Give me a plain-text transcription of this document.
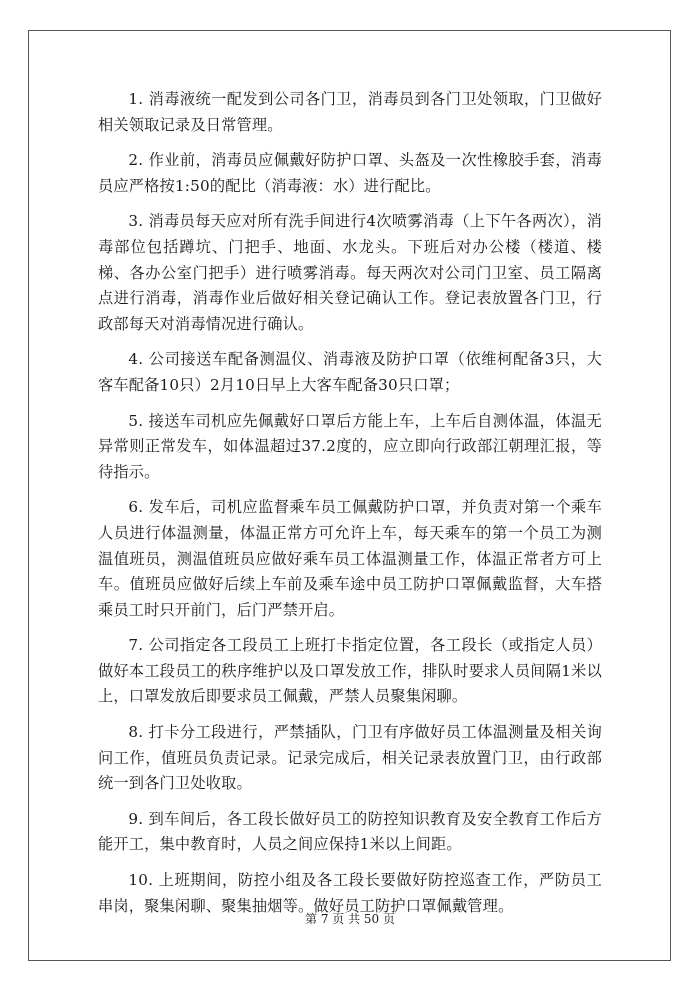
1. 消毒液统一配发到公司各门卫，消毒员到各门卫处领取，门卫做好相关领取记录及日常管理。

2. 作业前，消毒员应佩戴好防护口罩、头盔及一次性橡胶手套，消毒员应严格按1:50的配比（消毒液：水）进行配比。

3. 消毒员每天应对所有洗手间进行4次喷雾消毒（上下午各两次），消毒部位包括蹲坑、门把手、地面、水龙头。下班后对办公楼（楼道、楼梯、各办公室门把手）进行喷雾消毒。每天两次对公司门卫室、员工隔离点进行消毒，消毒作业后做好相关登记确认工作。登记表放置各门卫，行政部每天对消毒情况进行确认。

4. 公司接送车配备测温仪、消毒液及防护口罩（依维柯配备3只，大客车配备10只）2月10日早上大客车配备30只口罩；

5. 接送车司机应先佩戴好口罩后方能上车，上车后自测体温，体温无异常则正常发车，如体温超过37.2度的，应立即向行政部江朝理汇报，等待指示。

6. 发车后，司机应监督乘车员工佩戴防护口罩，并负责对第一个乘车人员进行体温测量，体温正常方可允许上车，每天乘车的第一个员工为测温值班员，测温值班员应做好乘车员工体温测量工作，体温正常者方可上车。值班员应做好后续上车前及乘车途中员工防护口罩佩戴监督，大车搭乘员工时只开前门，后门严禁开启。

7. 公司指定各工段员工上班打卡指定位置，各工段长（或指定人员）做好本工段员工的秩序维护以及口罩发放工作，排队时要求人员间隔1米以上，口罩发放后即要求员工佩戴，严禁人员聚集闲聊。

8. 打卡分工段进行，严禁插队，门卫有序做好员工体温测量及相关询问工作，值班员负责记录。记录完成后，相关记录表放置门卫，由行政部统一到各门卫处收取。

9. 到车间后，各工段长做好员工的防控知识教育及安全教育工作后方能开工，集中教育时，人员之间应保持1米以上间距。

10. 上班期间，防控小组及各工段长要做好防控巡查工作，严防员工串岗，聚集闲聊、聚集抽烟等。做好员工防护口罩佩戴管理。

第 7 页 共 50 页
